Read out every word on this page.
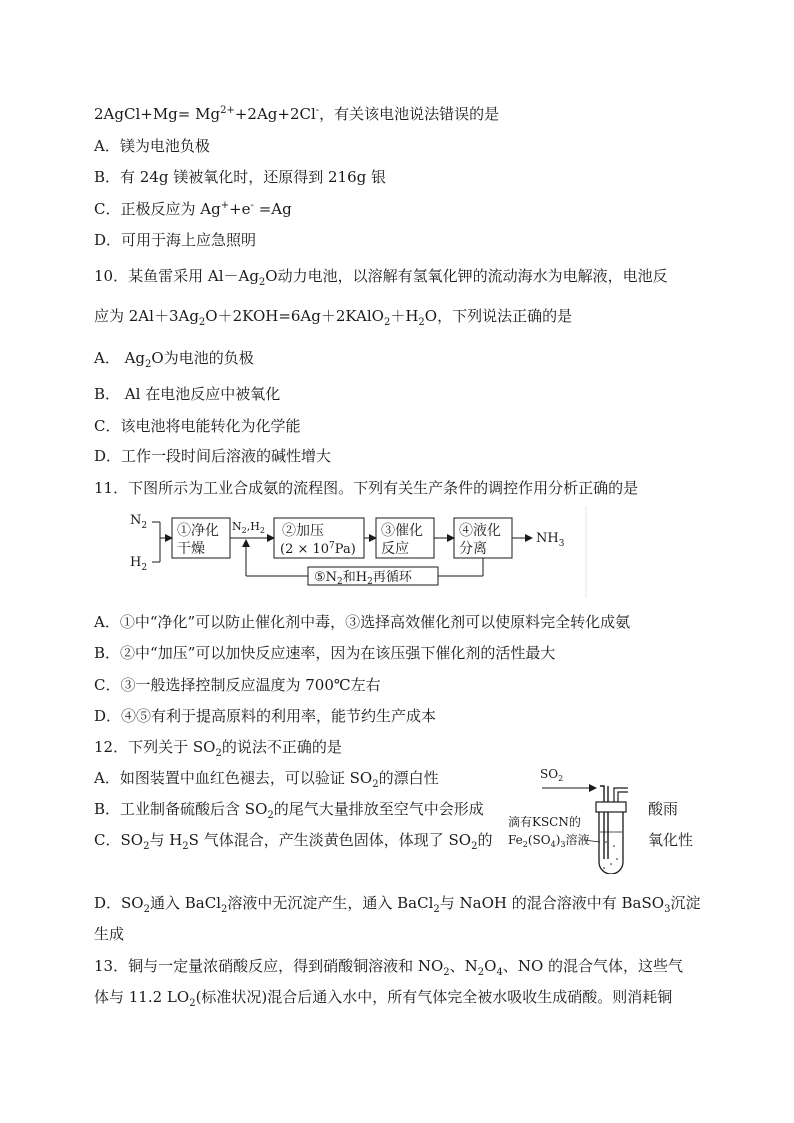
2AgCl+Mg= $Mg^{2+}+2Ag+2Cl^-$，有关该电池说法错误的是
A．镁为电池负极
B．有 24g 镁被氧化时，还原得到 216g 银
C．正极反应为 Ag++e- =Ag
D．可用于海上应急照明
10．某鱼雷采用 $Al-Ag_2O$动力电池，以溶解有氢氧化钾的流动海水为电解液，电池反
应为 $2Al+3Ag_2O+2KOH=6Ag+2KAlO_2+H_2O$，下列说法正确的是
A． $Ag_2O$为电池的负极
B． Al 在电池反应中被氧化
C．该电池将电能转化为化学能
D．工作一段时间后溶液的碱性增大
11．下图所示为工业合成氨的流程图。下列有关生产条件的调控作用分析正确的是
$N_2$
$H_2$
①净化
干燥
$N_2,H_2$ ②加压
$(2 \times 10^7Pa)$
③催化
反应
④液化
分离
$NH_3$
$⑤N_2$和$H_2$再循环
A．①中“净化”可以防止催化剂中毒，③选择高效催化剂可以使原料完全转化成氨
B．②中“加压”可以加快反应速率，因为在该压强下催化剂的活性最大
C．③一般选择控制反应温度为 700℃左右
D．④⑤有利于提高原料的利用率，能节约生产成本
12．下列关于 $SO_2$的说法不正确的是
A．如图装置中血红色褪去，可以验证 $SO_2$的漂白性
B．工业制备硫酸后含 $SO_2$的尾气大量排放至空气中会形成	酸雨
C．$SO_2$与 $H_2S$ 气体混合，产生淡黄色固体，体现了 $SO_2$的	氧化性
$SO_2$
滴有KSCN的
$Fe_2(SO_4)_3$溶液
D．$SO_2$通入 BaCl$_2$溶液中无沉淀产生，通入 BaCl$_2$与 NaOH 的混合溶液中有 BaSO$_3$沉淀
生成
13．铜与一定量浓硝酸反应，得到硝酸铜溶液和 $NO_2$、$N_2O_4$、NO 的混合气体，这些气
体与 11.2 $LO_2$(标准状况)混合后通入水中，所有气体完全被水吸收生成硝酸。则消耗铜
